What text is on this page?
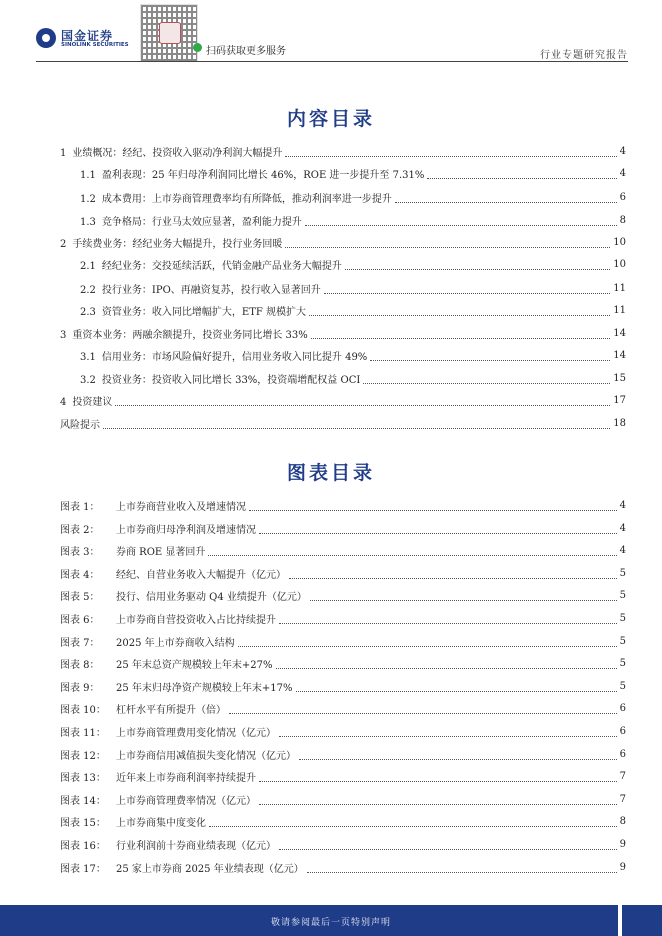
国金证券
SINOLINK SECURITIES
扫码获取更多服务	行业专题研究报告
内容目录
1 业绩概况：经纪、投资收入驱动净利润大幅提升	4
1.1 盈利表现：25 年归母净利润同比增长 46%，ROE 进一步提升至 7.31%	4
1.2 成本费用：上市券商管理费率均有所降低，推动利润率进一步提升	6
1.3 竞争格局：行业马太效应显著，盈利能力提升	8
2 手续费业务：经纪业务大幅提升，投行业务回暖	10
2.1 经纪业务：交投延续活跃，代销金融产品业务大幅提升	10
2.2 投行业务：IPO、再融资复苏，投行收入显著回升	11
2.3 资管业务：收入同比增幅扩大，ETF 规模扩大	11
3 重资本业务：两融余额提升，投资业务同比增长 33%	14
3.1 信用业务：市场风险偏好提升，信用业务收入同比提升 49%	14
3.2 投资业务：投资收入同比增长 33%，投资端增配权益 OCI	15
4 投资建议	17
风险提示	18
图表目录
图表 1： 上市券商营业收入及增速情况	4
图表 2： 上市券商归母净利润及增速情况	4
图表 3： 券商 ROE 显著回升	4
图表 4： 经纪、自营业务收入大幅提升（亿元）	5
图表 5： 投行、信用业务驱动 Q4 业绩提升（亿元）	5
图表 6： 上市券商自营投资收入占比持续提升	5
图表 7： 2025 年上市券商收入结构	5
图表 8： 25 年末总资产规模较上年末+27%	5
图表 9： 25 年末归母净资产规模较上年末+17%	5
图表 10： 杠杆水平有所提升（倍）	6
图表 11： 上市券商管理费用变化情况（亿元）	6
图表 12： 上市券商信用减值损失变化情况（亿元）	6
图表 13： 近年来上市券商利润率持续提升	7
图表 14： 上市券商管理费率情况（亿元）	7
图表 15： 上市券商集中度变化	8
图表 16： 行业利润前十券商业绩表现（亿元）	9
图表 17： 25 家上市券商 2025 年业绩表现（亿元）	9
敬请参阅最后一页特别声明
